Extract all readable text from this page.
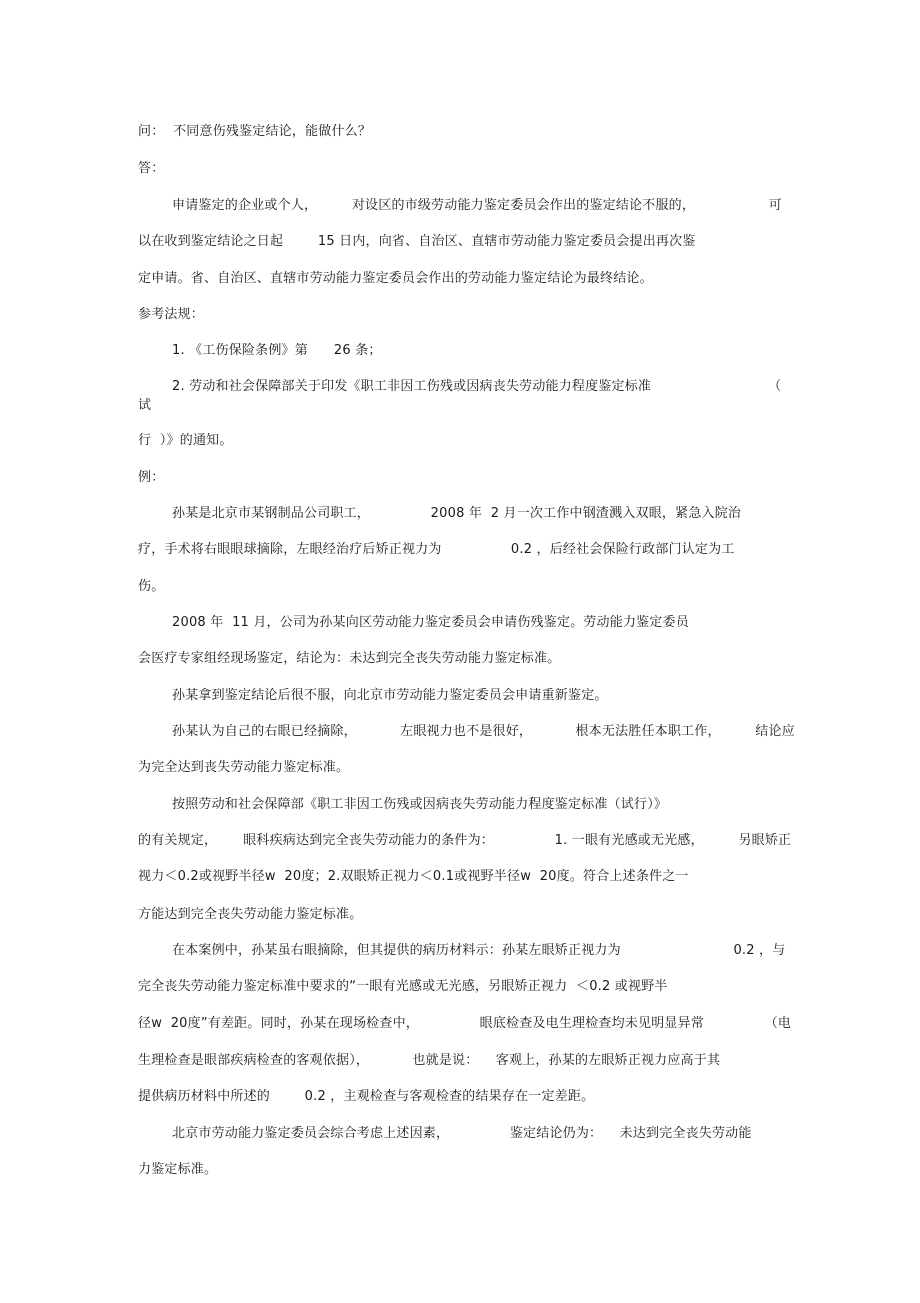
问：  不同意伤残鉴定结论，能做什么？

答：

申请鉴定的企业或个人，        对设区的市级劳动能力鉴定委员会作出的鉴定结论不服的，                 可

以在收到鉴定结论之日起        15 日内，向省、自治区、直辖市劳动能力鉴定委员会提出再次鉴

定申请。省、自治区、直辖市劳动能力鉴定委员会作出的劳动能力鉴定结论为最终结论。

参考法规：

1. 《工伤保险条例》第      26 条；

2. 劳动和社会保障部关于印发《职工非因工伤残或因病丧失劳动能力程度鉴定标准                           （

试

行  ）》的通知。

例：

孙某是北京市某钢制品公司职工，              2008 年  2 月一次工作中钢渣溅入双眼，紧急入院治

疗，手术将右眼眼球摘除，左眼经治疗后矫正视力为                0.2 ，后经社会保险行政部门认定为工

伤。

2008 年  11 月，公司为孙某向区劳动能力鉴定委员会申请伤残鉴定。劳动能力鉴定委员

会医疗专家组经现场鉴定，结论为：未达到完全丧失劳动能力鉴定标准。

孙某拿到鉴定结论后很不服，向北京市劳动能力鉴定委员会申请重新鉴定。

孙某认为自己的右眼已经摘除，          左眼视力也不是很好，          根本无法胜任本职工作，        结论应

为完全达到丧失劳动能力鉴定标准。

按照劳动和社会保障部《职工非因工伤残或因病丧失劳动能力程度鉴定标准（试行）》

的有关规定，      眼科疾病达到完全丧失劳动能力的条件为：              1. 一眼有光感或无光感，        另眼矫正

视力＜0.2或视野半径w  20度；2.双眼矫正视力＜0.1或视野半径w  20度。符合上述条件之一

方能达到完全丧失劳动能力鉴定标准。

在本案例中，孙某虽右眼摘除，但其提供的病历材料示：孙某左眼矫正视力为                          0.2 ，与

完全丧失劳动能力鉴定标准中要求的“一眼有光感或无光感，另眼矫正视力  ＜0.2 或视野半

径w  20度”有差距。同时，孙某在现场检查中，              眼底检查及电生理检查均未见明显异常              （电

生理检查是眼部疾病检查的客观依据），          也就是说：    客观上，孙某的左眼矫正视力应高于其

提供病历材料中所述的        0.2 ，主观检查与客观检查的结果存在一定差距。

北京市劳动能力鉴定委员会综合考虑上述因素，              鉴定结论仍为：    未达到完全丧失劳动能

力鉴定标准。
